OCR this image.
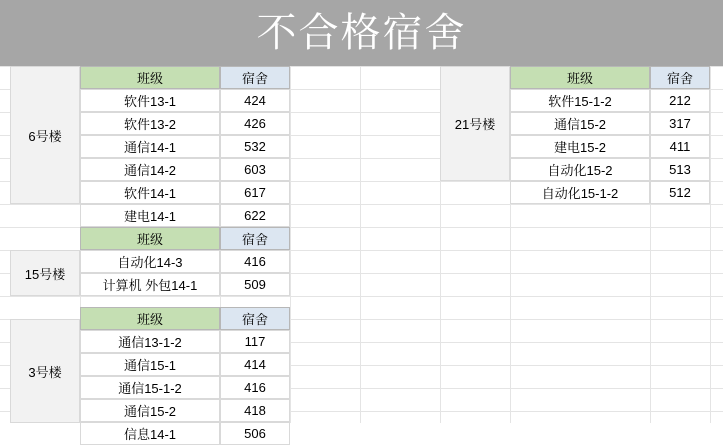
不合格宿舍
6号楼
班级	宿舍
软件13-1	424
软件13-2	426
通信14-1	532
通信14-2	603
软件14-1	617
建电14-1	622
21号楼
班级	宿舍
软件15-1-2	212
通信15-2	317
建电15-2	411
自动化15-2	513
自动化15-1-2	512
15号楼
班级	宿舍
自动化14-3	416
计算机 外包14-1	509
3号楼
班级	宿舍
通信13-1-2	117
通信15-1	414
通信15-1-2	416
通信15-2	418
信息14-1	506
